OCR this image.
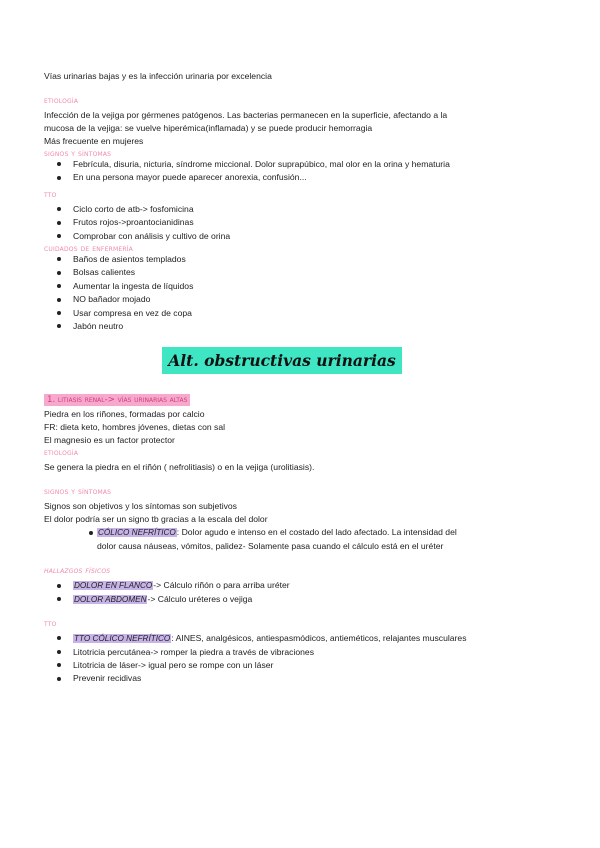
Vías urinarias bajas y es la infección urinaria por excelencia

etiología

Infección de la vejiga por gérmenes patógenos. Las bacterias permanecen en la superficie, afectando a la

mucosa de la vejiga: se vuelve hiperémica(inflamada) y se puede producir hemorragia

Más frecuente en mujeres

signos y síntomas

Febrícula, disuria, nicturia, síndrome miccional. Dolor suprapúbico, mal olor en la orina y hematuria
En una persona mayor puede aparecer anorexia, confusión...

tto

Ciclo corto de atb-> fosfomicina
Frutos rojos->proantocianidinas
Comprobar con análisis y cultivo de orina

cuidados de enfermería

Baños de asientos templados
Bolsas calientes
Aumentar la ingesta de líquidos
NO bañador mojado
Usar compresa en vez de copa
Jabón neutro
Alt. obstructivas urinarias
1. litiasis renal-> vías urinarias altas

Piedra en los riñones, formadas por calcio

FR: dieta keto, hombres jóvenes, dietas con sal

El magnesio es un factor protector

etiología

Se genera la piedra en el riñón ( nefrolitiasis) o en la vejiga (urolitiasis).

signos y síntomas

Signos son objetivos y los síntomas son subjetivos

El dolor podría ser un signo tb gracias a la escala del dolor

CÓLICO NEFRÍTICO: Dolor agudo e intenso en el costado del lado afectado. La intensidad del
dolor causa náuseas, vómitos, palidez- Solamente pasa cuando el cálculo está en el uréter

hallazgos físicos

DOLOR EN FLANCO-> Cálculo riñón o para arriba uréter
DOLOR ABDOMEN-> Cálculo uréteres o vejiga

tto

TTO CÓLICO NEFRÍTICO: AINES, analgésicos, antiespasmódicos, antieméticos, relajantes musculares
Litotricia percutánea-> romper la piedra a través de vibraciones
Litotricia de láser-> igual pero se rompe con un láser
Prevenir recidivas
